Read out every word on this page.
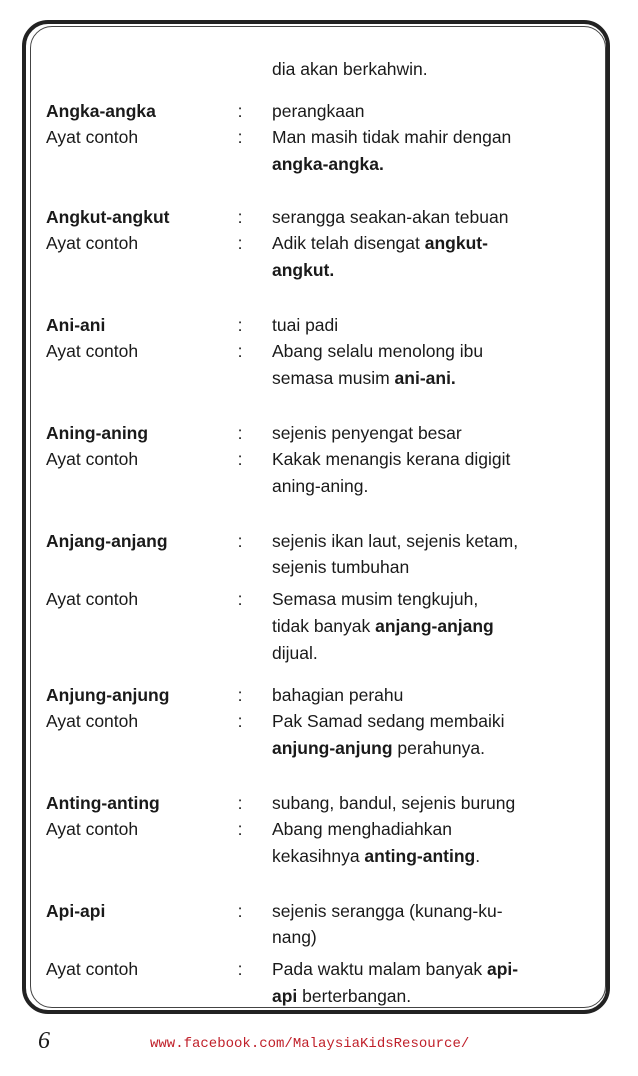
dia akan berkahwin.
Angka-angka	: perangkaan
Ayat contoh	: Man masih tidak mahir dengan
angka-angka.
Angkut-angkut	: serangga seakan-akan tebuan
Ayat contoh	: Adik telah disengat angkut-
angkut.
Ani-ani	: tuai padi
Ayat contoh	: Abang selalu menolong ibu
semasa musim ani-ani.
Aning-aning	: sejenis penyengat besar
Ayat contoh	: Kakak menangis kerana digigit
aning-aning.
Anjang-anjang	: sejenis ikan laut, sejenis ketam,
sejenis tumbuhan
Ayat contoh	: Semasa musim tengkujuh,
tidak banyak anjang-anjang
dijual.
Anjung-anjung	: bahagian perahu
Ayat contoh	: Pak Samad sedang membaiki
anjung-anjung perahunya.
Anting-anting	: subang, bandul, sejenis burung
Ayat contoh	: Abang menghadiahkan
kekasihnya anting-anting.
Api-api	: sejenis serangga (kunang-ku-
nang)
Ayat contoh	: Pada waktu malam banyak api-
api berterbangan.
6	www.facebook.com/MalaysiaKidsResource/
